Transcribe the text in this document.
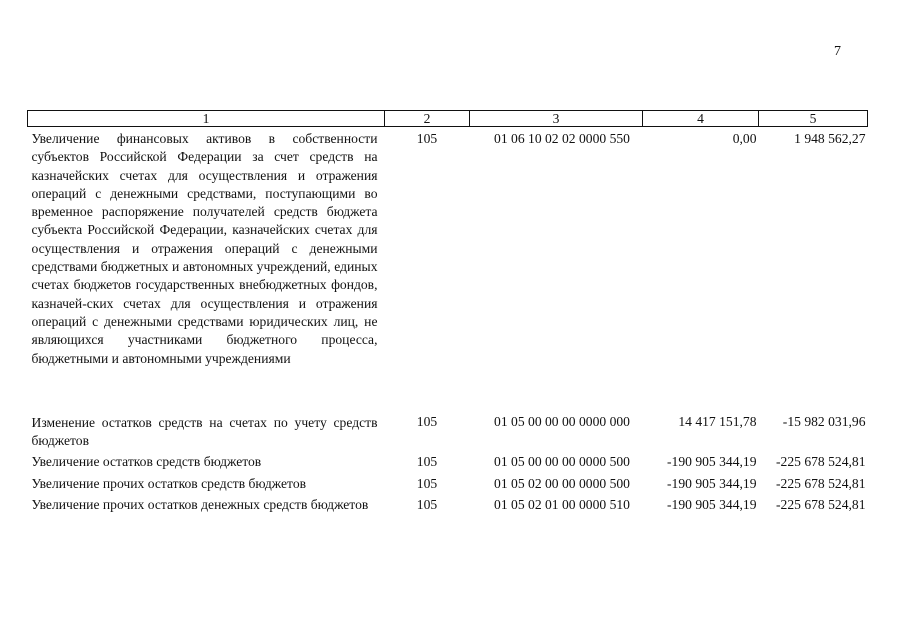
7
1	2	3	4	5
Увеличение финансовых активов в собственности субъектов Российской Федерации за счет средств на казначейских счетах для осуществления и отражения операций с денежными средствами, поступающими во временное распоряжение получателей средств бюджета субъекта Российской Федерации, казначейских счетах для осуществления и отражения операций с денежными средствами бюджетных и автономных учреждений, единых счетах бюджетов государственных внебюджетных фондов, казначей-ских счетах для осуществления и отражения операций с денежными средствами юридических лиц, не являющихся участниками бюджетного процесса, бюджетными и автономными учреждениями	105	01 06 10 02 02 0000 550	0,00	1 948 562,27
Изменение остатков средств на счетах по учету средств бюджетов	105	01 05 00 00 00 0000 000	14 417 151,78	-15 982 031,96
Увеличение остатков средств бюджетов	105	01 05 00 00 00 0000 500	-190 905 344,19	-225 678 524,81
Увеличение прочих остатков средств бюджетов	105	01 05 02 00 00 0000 500	-190 905 344,19	-225 678 524,81
Увеличение прочих остатков денежных средств бюджетов	105	01 05 02 01 00 0000 510	-190 905 344,19	-225 678 524,81
